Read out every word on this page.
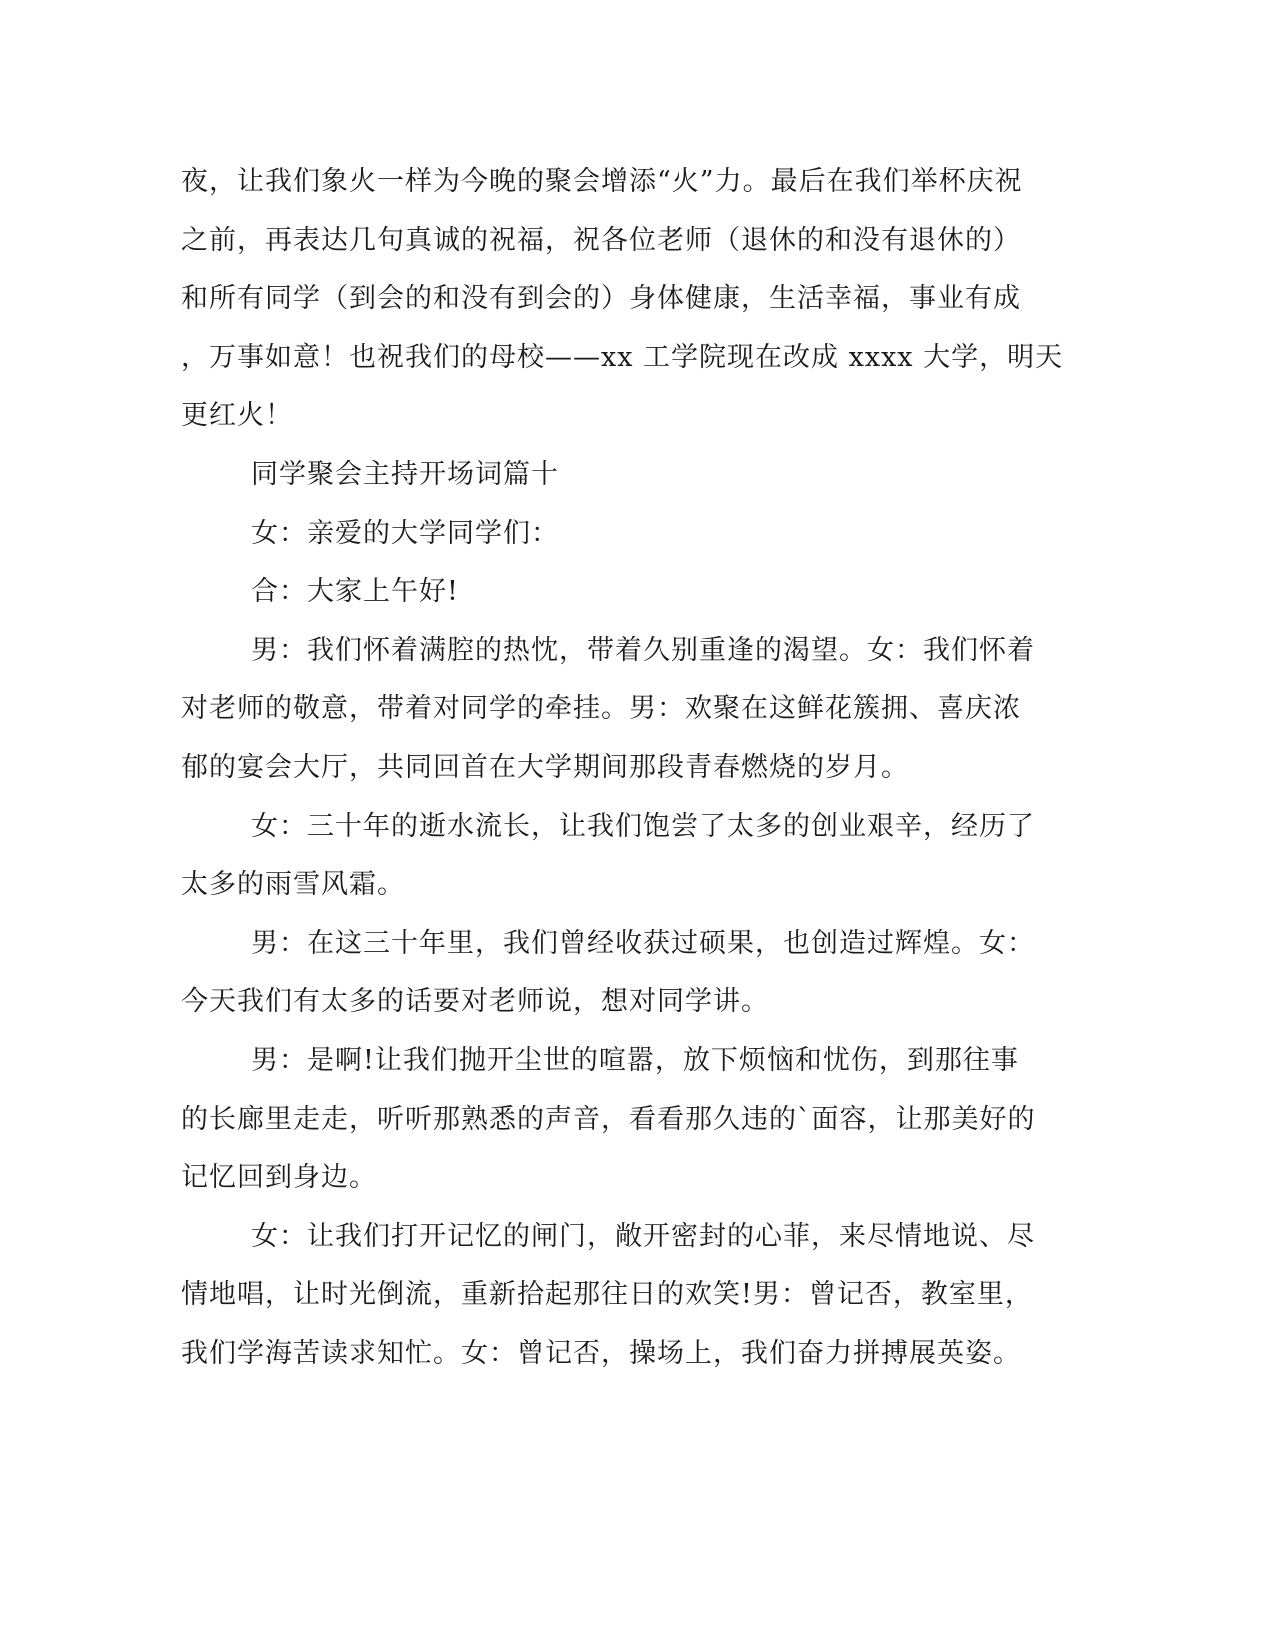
夜，让我们象火一样为今晚的聚会增添“火”力。最后在我们举杯庆祝
之前，再表达几句真诚的祝福，祝各位老师（退休的和没有退休的）
和所有同学（到会的和没有到会的）身体健康，生活幸福，事业有成
，万事如意！也祝我们的母校——xx 工学院现在改成 xxxx 大学，明天
更红火！
同学聚会主持开场词篇十
女：亲爱的大学同学们：
合：大家上午好!
男：我们怀着满腔的热忱，带着久别重逢的渴望。女：我们怀着
对老师的敬意，带着对同学的牵挂。男：欢聚在这鲜花簇拥、喜庆浓
郁的宴会大厅，共同回首在大学期间那段青春燃烧的岁月。
女：三十年的逝水流长，让我们饱尝了太多的创业艰辛，经历了
太多的雨雪风霜。
男：在这三十年里，我们曾经收获过硕果，也创造过辉煌。女：
今天我们有太多的话要对老师说，想对同学讲。
男：是啊!让我们抛开尘世的喧嚣，放下烦恼和忧伤，到那往事
的长廊里走走，听听那熟悉的声音，看看那久违的`面容，让那美好的
记忆回到身边。
女：让我们打开记忆的闸门，敞开密封的心菲，来尽情地说、尽
情地唱，让时光倒流，重新拾起那往日的欢笑!男：曾记否，教室里，
我们学海苦读求知忙。女：曾记否，操场上，我们奋力拼搏展英姿。
